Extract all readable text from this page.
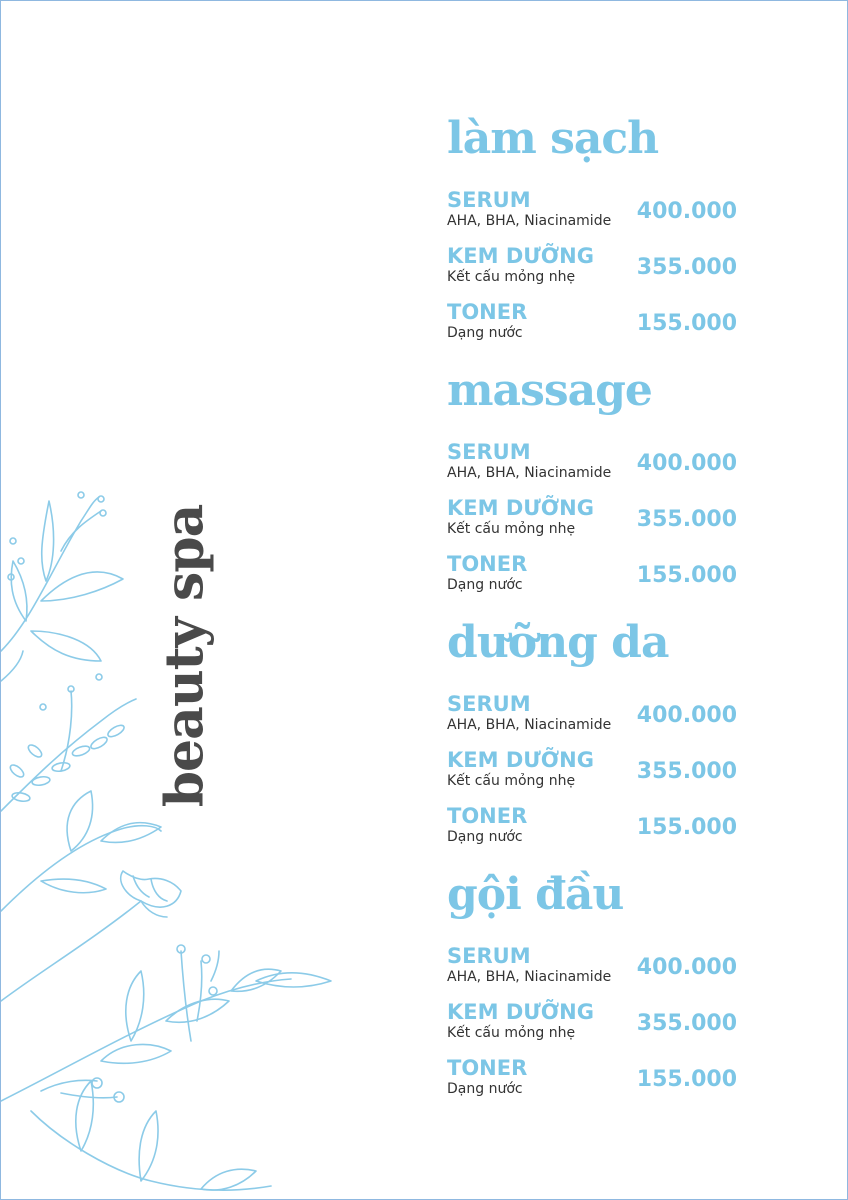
beauty spa
làm sạch
SERUM
AHA, BHA, Niacinamide	400.000
KEM DƯỠNG
Kết cấu mỏng nhẹ	355.000
TONER
Dạng nước	155.000
massage
SERUM
AHA, BHA, Niacinamide	400.000
KEM DƯỠNG
Kết cấu mỏng nhẹ	355.000
TONER
Dạng nước	155.000
dưỡng da
SERUM
AHA, BHA, Niacinamide	400.000
KEM DƯỠNG
Kết cấu mỏng nhẹ	355.000
TONER
Dạng nước	155.000
gội đầu
SERUM
AHA, BHA, Niacinamide	400.000
KEM DƯỠNG
Kết cấu mỏng nhẹ	355.000
TONER
Dạng nước	155.000
